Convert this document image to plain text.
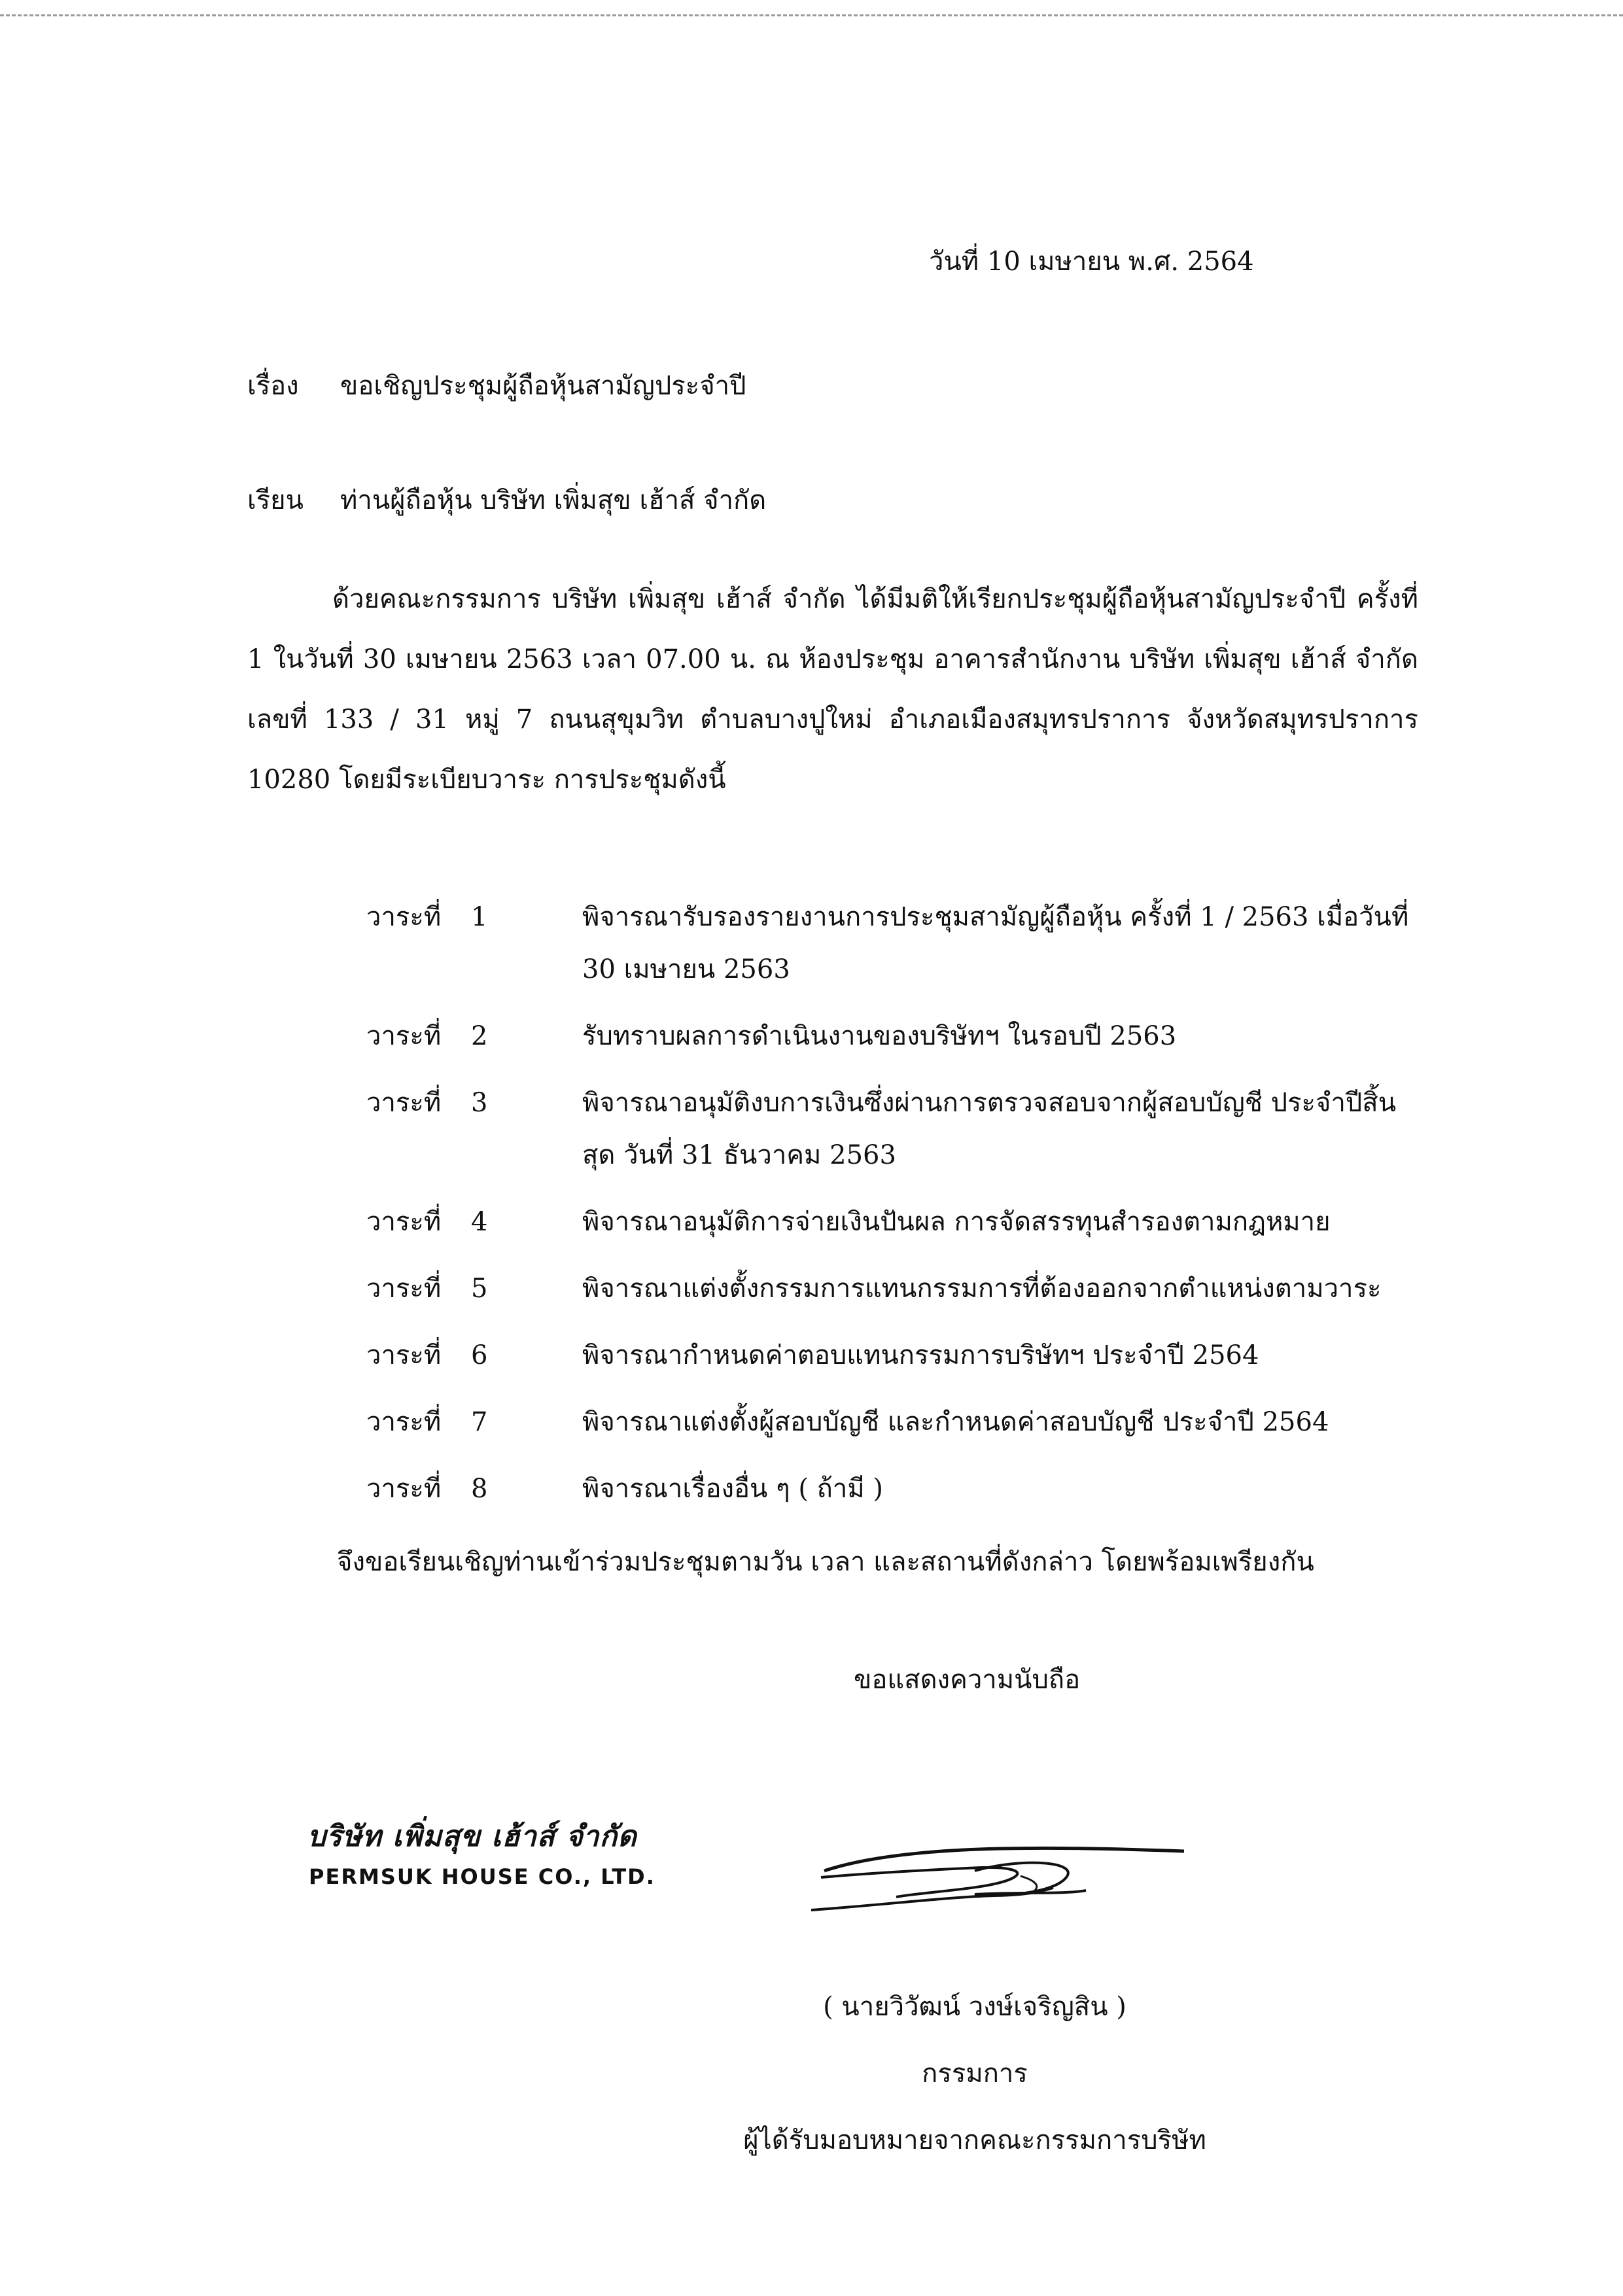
วันที่ 10 เมษายน พ.ศ. 2564
เรื่อง ขอเชิญประชุมผู้ถือหุ้นสามัญประจำปี
เรียน ท่านผู้ถือหุ้น บริษัท เพิ่มสุข เฮ้าส์ จำกัด
ด้วยคณะกรรมการ บริษัท เพิ่มสุข เฮ้าส์ จำกัด ได้มีมติให้เรียกประชุมผู้ถือหุ้นสามัญประจำปี ครั้งที่ 1 ในวันที่ 30 เมษายน 2563 เวลา 07.00 น. ณ ห้องประชุม อาคารสำนักงาน บริษัท เพิ่มสุข เฮ้าส์ จำกัด เลขที่ 133 / 31 หมู่ 7 ถนนสุขุมวิท ตำบลบางปูใหม่ อำเภอเมืองสมุทรปราการ จังหวัดสมุทรปราการ 10280 โดยมีระเบียบวาระ การประชุมดังนี้
วาระที่	1	พิจารณารับรองรายงานการประชุมสามัญผู้ถือหุ้น ครั้งที่ 1 / 2563 เมื่อวันที่ 30 เมษายน 2563
วาระที่	2	รับทราบผลการดำเนินงานของบริษัทฯ ในรอบปี 2563
วาระที่	3	พิจารณาอนุมัติงบการเงินซึ่งผ่านการตรวจสอบจากผู้สอบบัญชี ประจำปีสิ้นสุด วันที่ 31 ธันวาคม 2563
วาระที่	4	พิจารณาอนุมัติการจ่ายเงินปันผล การจัดสรรทุนสำรองตามกฎหมาย
วาระที่	5	พิจารณาแต่งตั้งกรรมการแทนกรรมการที่ต้องออกจากตำแหน่งตามวาระ
วาระที่	6	พิจารณากำหนดค่าตอบแทนกรรมการบริษัทฯ ประจำปี 2564
วาระที่	7	พิจารณาแต่งตั้งผู้สอบบัญชี และกำหนดค่าสอบบัญชี ประจำปี 2564
วาระที่	8	พิจารณาเรื่องอื่น ๆ ( ถ้ามี )
จึงขอเรียนเชิญท่านเข้าร่วมประชุมตามวัน เวลา และสถานที่ดังกล่าว โดยพร้อมเพรียงกัน
ขอแสดงความนับถือ
บริษัท เพิ่มสุข เฮ้าส์ จำกัด
PERMSUK HOUSE CO., LTD.
( นายวิวัฒน์ วงษ์เจริญสิน )
กรรมการ
ผู้ได้รับมอบหมายจากคณะกรรมการบริษัท
